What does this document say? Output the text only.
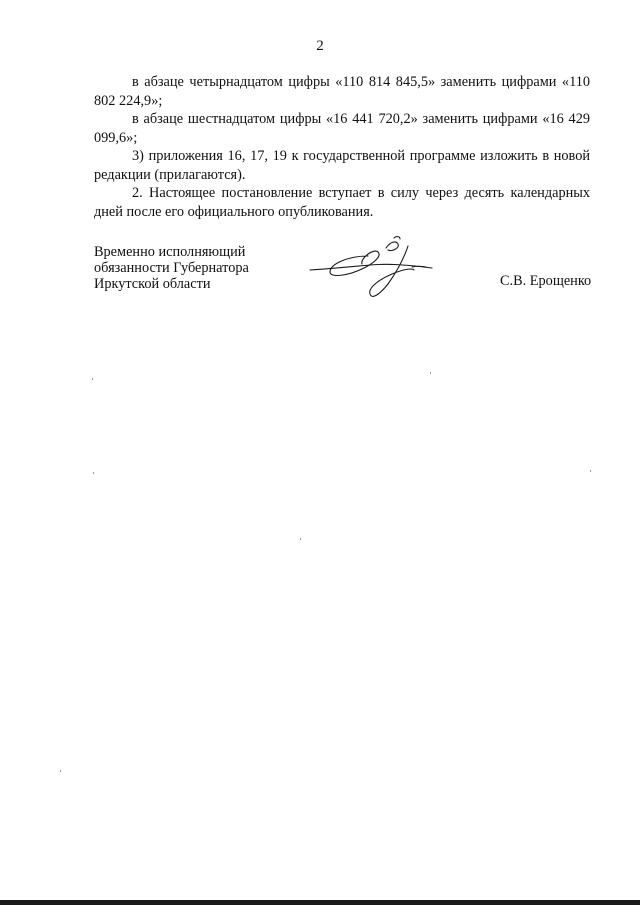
2

в абзаце четырнадцатом цифры «110 814 845,5» заменить цифрами «110 802 224,9»;

в абзаце шестнадцатом цифры «16 441 720,2» заменить цифрами «16 429 099,6»;

3) приложения 16, 17, 19 к государственной программе изложить в новой редакции (прилагаются).

2. Настоящее постановление вступает в силу через десять календарных дней после его официального опубликования.

Временно исполняющий
обязанности Губернатора
Иркутской области	С.В. Ерощенко
